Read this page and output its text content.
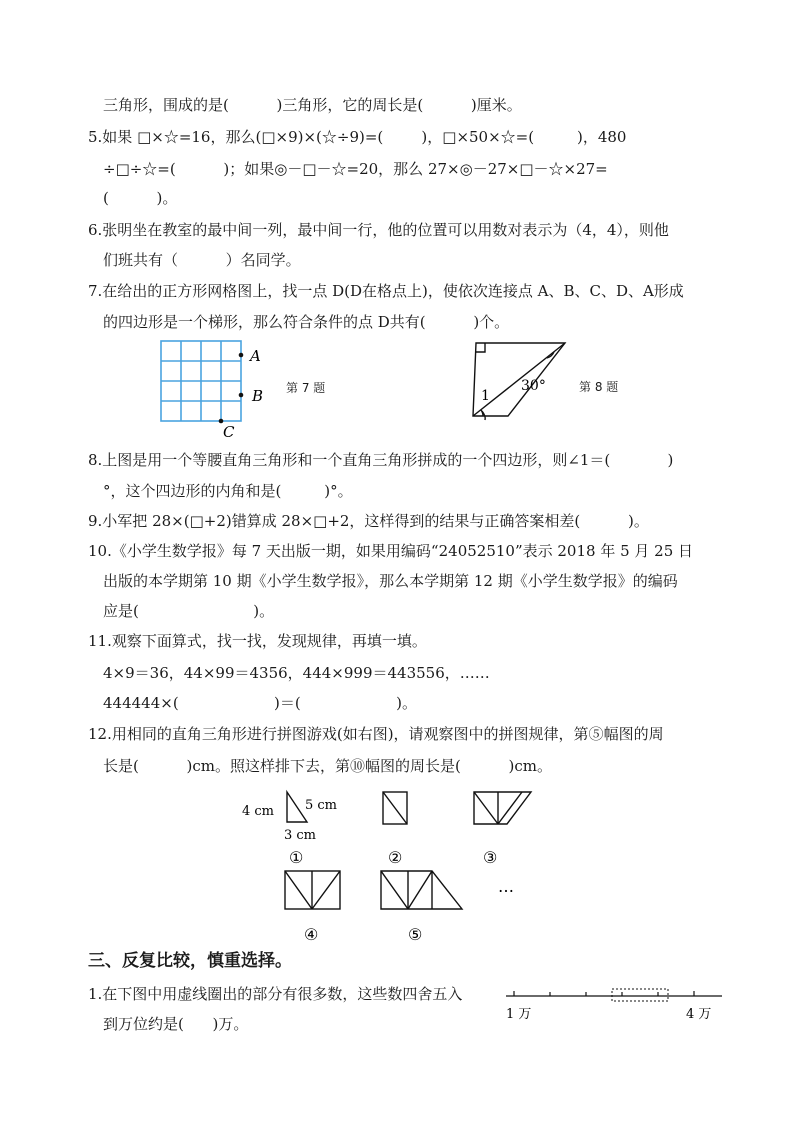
三角形，围成的是(          )三角形，它的周长是(          )厘米。
5.如果 □×☆=16，那么(□×9)×(☆÷9)=(        )，□×50×☆=(         )，480
÷□÷☆=(          )；如果◎－□－☆=20，那么 27×◎－27×□－☆×27=
(          )。
6.张明坐在教室的最中间一列，最中间一行，他的位置可以用数对表示为（4，4），则他
们班共有（          ）名同学。
7.在给出的正方形网格图上，找一点 D(D在格点上)，使依次连接点 A、B、C、D、A形成
的四边形是一个梯形，那么符合条件的点 D共有(          )个。
A
B
C
第 7 题	1
30°	第 8 题
8.上图是用一个等腰直角三角形和一个直角三角形拼成的一个四边形，则∠1＝(            )
°，这个四边形的内角和是(         )°。
9.小军把 28×(□+2)错算成 28×□+2，这样得到的结果与正确答案相差(          )。
10.《小学生数学报》每 7 天出版一期，如果用编码“24052510”表示 2018 年 5 月 25 日
出版的本学期第 10 期《小学生数学报》，那么本学期第 12 期《小学生数学报》的编码
应是(                        )。
11.观察下面算式，找一找，发现规律，再填一填。
4×9＝36，44×99＝4356，444×999＝443556，……
444444×(                    )＝(                    )。
12.用相同的直角三角形进行拼图游戏(如右图)，请观察图中的拼图规律，第⑤幅图的周
长是(          )cm。照这样排下去，第⑩幅图的周长是(          )cm。
4 cm 5 cm
3 cm
①	②	③
④	⑤
…
三、反复比较，慎重选择。
1.在下图中用虚线圈出的部分有很多数，这些数四舍五入
到万位约是(      )万。
1 万	4 万
